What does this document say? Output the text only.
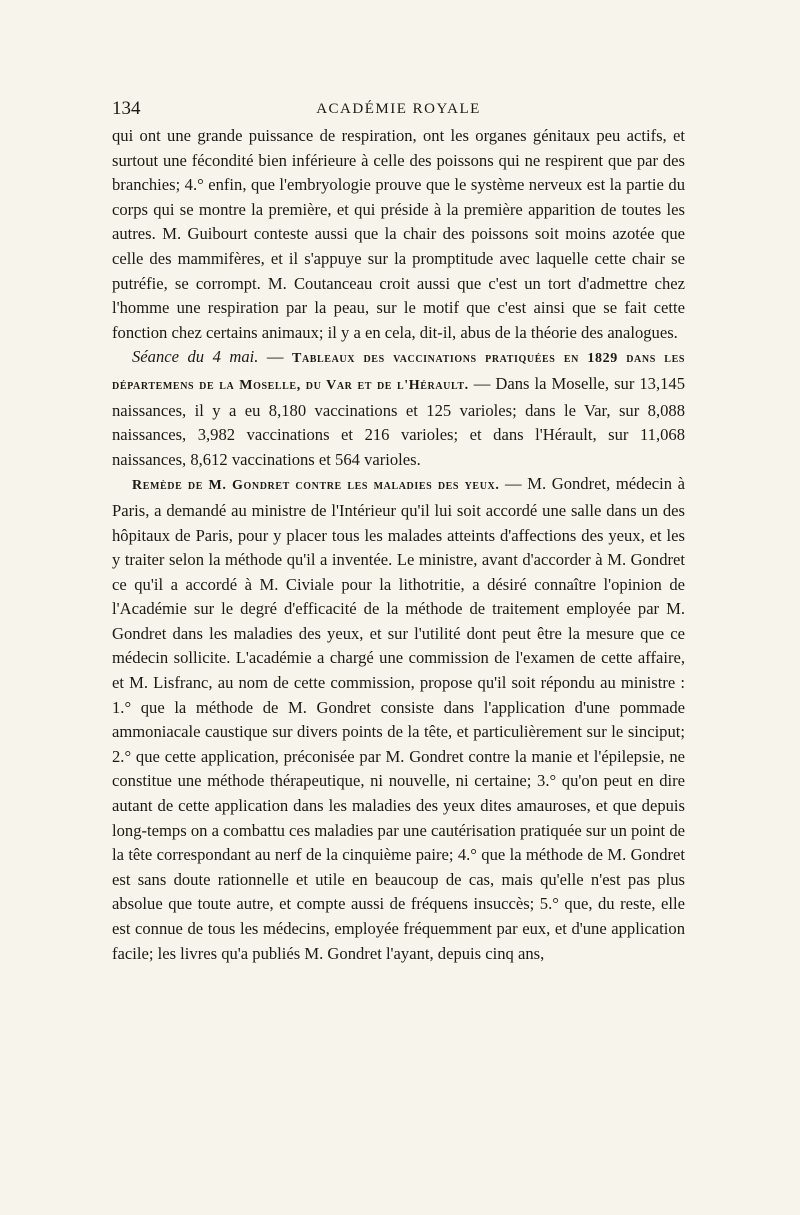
134	ACADÉMIE ROYALE

qui ont une grande puissance de respiration, ont les organes génitaux peu actifs, et surtout une fécondité bien inférieure à celle des poissons qui ne respirent que par des branchies; 4.° enfin, que l'embryologie prouve que le système nerveux est la partie du corps qui se montre la première, et qui préside à la première apparition de toutes les autres. M. Guibourt conteste aussi que la chair des poissons soit moins azotée que celle des mammifères, et il s'appuye sur la promptitude avec laquelle cette chair se putréfie, se corrompt. M. Coutanceau croit aussi que c'est un tort d'admettre chez l'homme une respiration par la peau, sur le motif que c'est ainsi que se fait cette fonction chez certains animaux; il y a en cela, dit-il, abus de la théorie des analogues.

Séance du 4 mai. — Tableaux des vaccinations pratiquées en 1829 dans les départemens de la Moselle, du Var et de l'Hérault. — Dans la Moselle, sur 13,145 naissances, il y a eu 8,180 vaccinations et 125 varioles; dans le Var, sur 8,088 naissances, 3,982 vaccinations et 216 varioles; et dans l'Hérault, sur 11,068 naissances, 8,612 vaccinations et 564 varioles.

Remède de M. Gondret contre les maladies des yeux. — M. Gondret, médecin à Paris, a demandé au ministre de l'Intérieur qu'il lui soit accordé une salle dans un des hôpitaux de Paris, pour y placer tous les malades atteints d'affections des yeux, et les y traiter selon la méthode qu'il a inventée. Le ministre, avant d'accorder à M. Gondret ce qu'il a accordé à M. Civiale pour la lithotritie, a désiré connaître l'opinion de l'Académie sur le degré d'efficacité de la méthode de traitement employée par M. Gondret dans les maladies des yeux, et sur l'utilité dont peut être la mesure que ce médecin sollicite. L'académie a chargé une commission de l'examen de cette affaire, et M. Lisfranc, au nom de cette commission, propose qu'il soit répondu au ministre : 1.° que la méthode de M. Gondret consiste dans l'application d'une pommade ammoniacale caustique sur divers points de la tête, et particulièrement sur le sinciput; 2.° que cette application, préconisée par M. Gondret contre la manie et l'épilepsie, ne constitue une méthode thérapeutique, ni nouvelle, ni certaine; 3.° qu'on peut en dire autant de cette application dans les maladies des yeux dites amauroses, et que depuis long-temps on a combattu ces maladies par une cautérisation pratiquée sur un point de la tête correspondant au nerf de la cinquième paire; 4.° que la méthode de M. Gondret est sans doute rationnelle et utile en beaucoup de cas, mais qu'elle n'est pas plus absolue que toute autre, et compte aussi de fréquens insuccès; 5.° que, du reste, elle est connue de tous les médecins, employée fréquemment par eux, et d'une application facile; les livres qu'a publiés M. Gondret l'ayant, depuis cinq ans,
